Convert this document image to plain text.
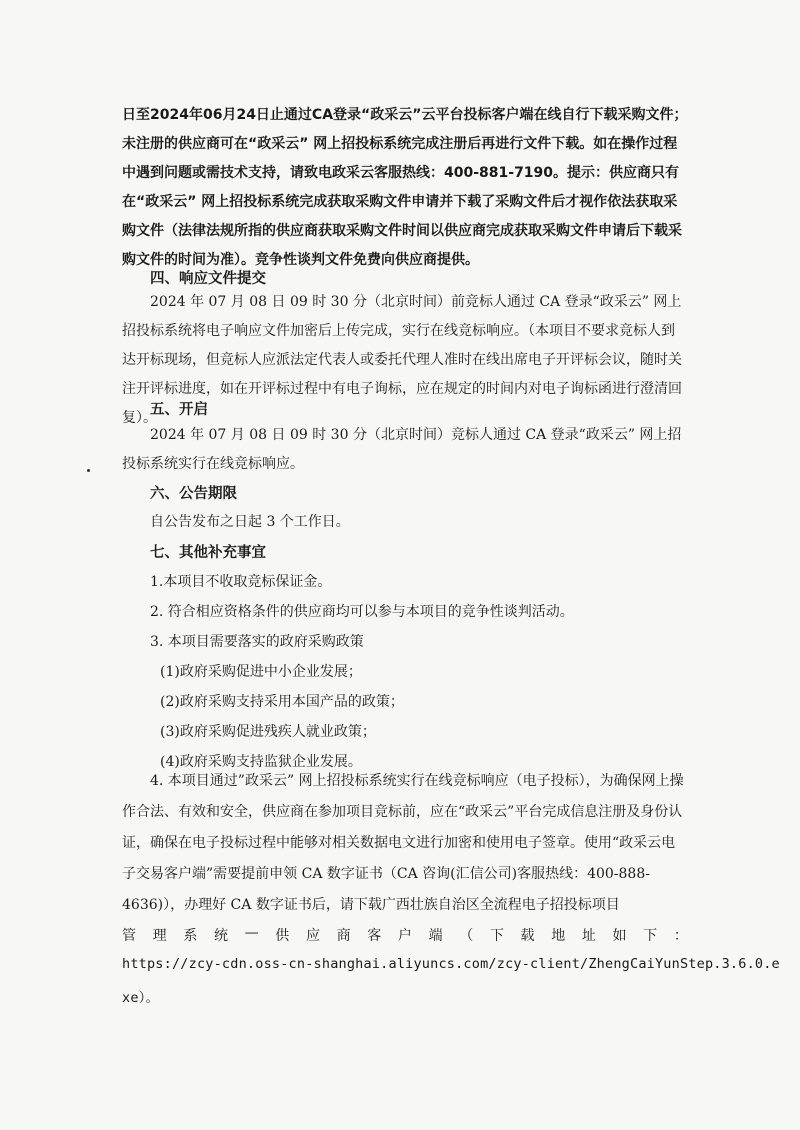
日至2024年06月24日止通过CA登录“政采云”云平台投标客户端在线自行下载采购文件；未注册的供应商可在“政采云” 网上招投标系统完成注册后再进行文件下载。如在操作过程中遇到问题或需技术支持，请致电政采云客服热线：400-881-7190。提示：供应商只有在“政采云” 网上招投标系统完成获取采购文件申请并下载了采购文件后才视作依法获取采购文件（法律法规所指的供应商获取采购文件时间以供应商完成获取采购文件申请后下载采购文件的时间为准）。竞争性谈判文件免费向供应商提供。
四、响应文件提交
2024 年 07 月 08 日 09 时 30 分（北京时间）前竞标人通过 CA 登录“政采云” 网上招投标系统将电子响应文件加密后上传完成，实行在线竞标响应。（本项目不要求竞标人到达开标现场，但竞标人应派法定代表人或委托代理人准时在线出席电子开评标会议，随时关注开评标进度，如在开评标过程中有电子询标，应在规定的时间内对电子询标函进行澄清回复）。
五、开启
2024 年 07 月 08 日 09 时 30 分（北京时间）竞标人通过 CA 登录“政采云” 网上招投标系统实行在线竞标响应。
六、公告期限
自公告发布之日起 3 个工作日。
七、其他补充事宜
1.本项目不收取竞标保证金。
2. 符合相应资格条件的供应商均可以参与本项目的竞争性谈判活动。
3. 本项目需要落实的政府采购政策
(1)政府采购促进中小企业发展；
(2)政府采购支持采用本国产品的政策；
(3)政府采购促进残疾人就业政策；
(4)政府采购支持监狱企业发展。
4. 本项目通过”政采云” 网上招投标系统实行在线竞标响应（电子投标），为确保网上操作合法、有效和安全，供应商在参加项目竞标前，应在“政采云”平台完成信息注册及身份认证，确保在电子投标过程中能够对相关数据电文进行加密和使用电子签章。使用“政采云电子交易客户端”需要提前申领 CA 数字证书（CA 咨询(汇信公司)客服热线：400-888-4636)），办理好 CA 数字证书后，请下载广西壮族自治区全流程电子招投标项目
管 理 系 统 — 供 应 商 客 户 端 （ 下 载 地 址 如 下 ：
https://zcy-cdn.oss-cn-shanghai.aliyuncs.com/zcy-client/ZhengCaiYunStep.3.6.0.e
xe）。
